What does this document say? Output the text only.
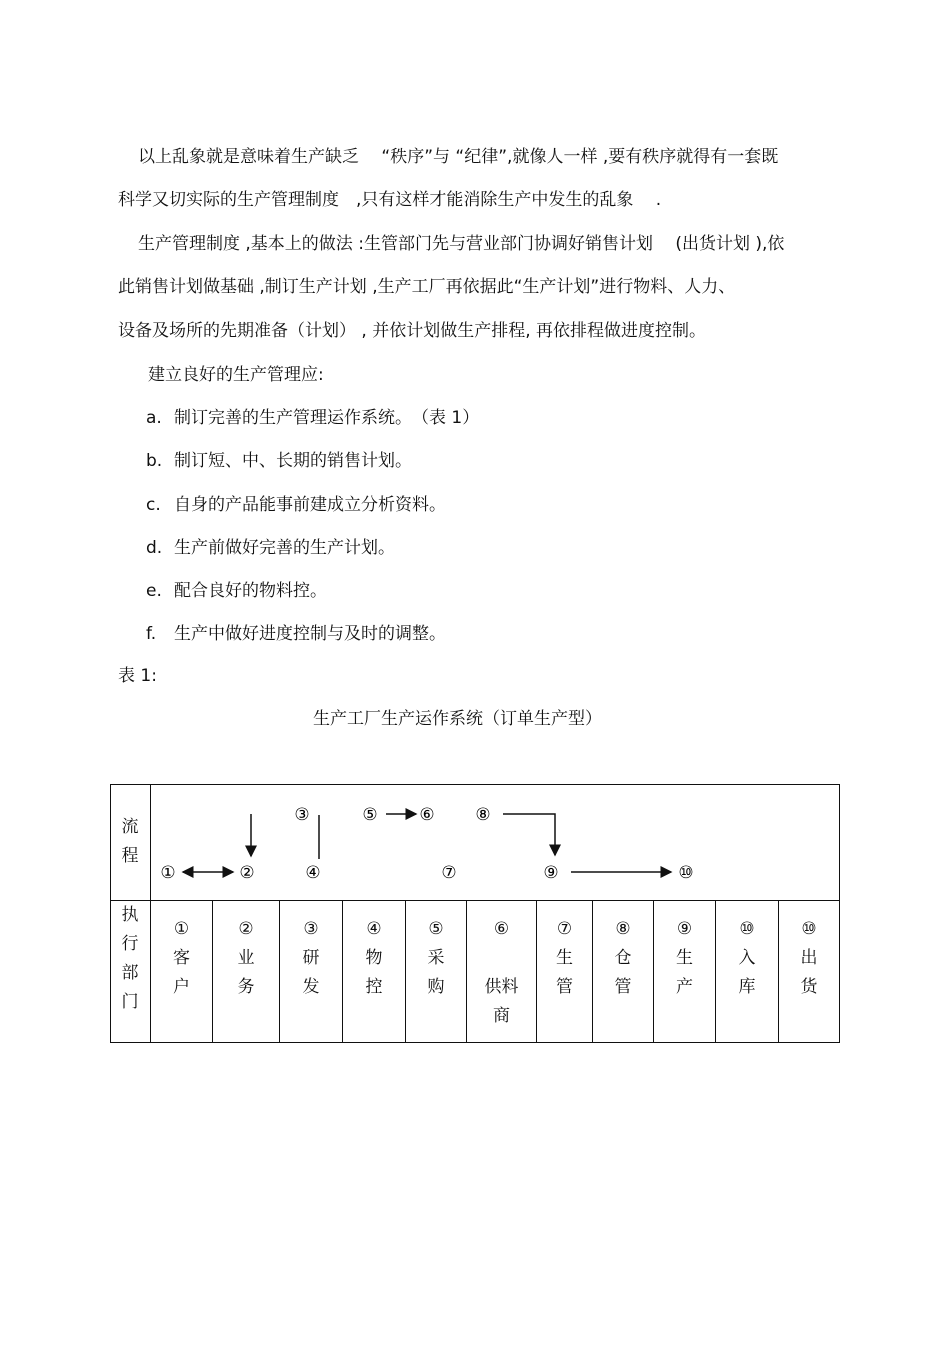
以上乱象就是意味着生产缺乏　 “秩序”与 “纪律”,就像人一样 ,要有秩序就得有一套既
科学又切实际的生产管理制度　,只有这样才能消除生产中发生的乱象　 .
生产管理制度 ,基本上的做法 :生管部门先与营业部门协调好销售计划　 (出货计划 ),依
此销售计划做基础 ,制订生产计划 ,生产工厂再依据此“生产计划”进行物料、人力、
设备及场所的先期准备（计划） , 并依计划做生产排程, 再依排程做进度控制。
建立良好的生产管理应:
a. 制订完善的生产管理运作系统。　（表 1）
b. 制订短、中、长期的销售计划。
c. 自身的产品能事前建成立分析资料。
d. 生产前做好完善的生产计划。
e. 配合良好的物料控。
f. 生产中做好进度控制与及时的调整。
表 1:
生产工厂生产运作系统（订单生产型）
流
程
执
行
部
门
①	②
③
④
⑤ ⑥
⑦
⑧
⑨	⑩
①
客
户
②
业
务
③
研
发
④
物
控
⑤
采
购
⑥
供料
商
⑦
生
管
⑧
仓
管
⑨
生
产
⑩
入
库
⑩
出
货
